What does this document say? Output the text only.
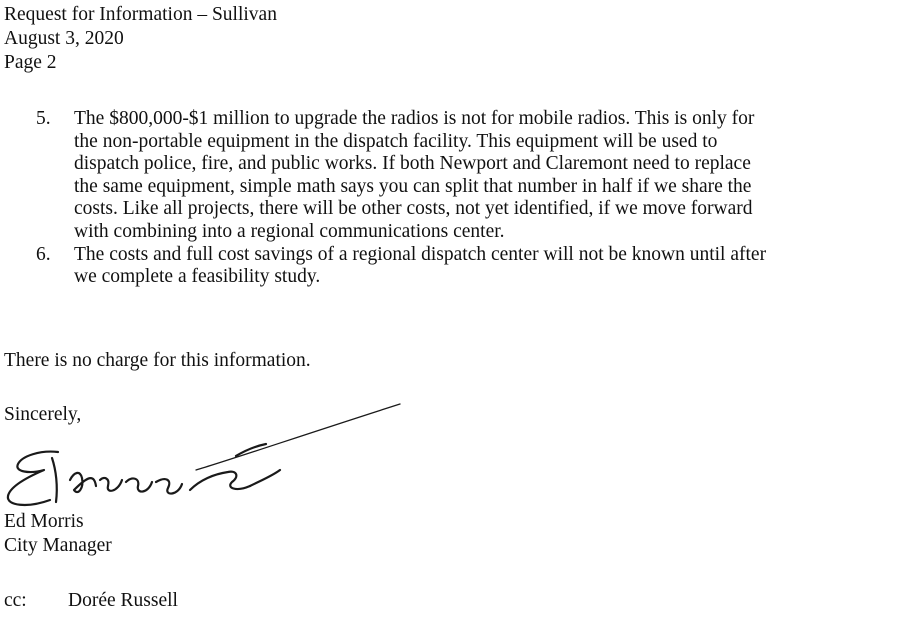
Request for Information – Sullivan
August 3, 2020
Page 2
5.	The $800,000-$1 million to upgrade the radios is not for mobile radios. This is only for
the non-portable equipment in the dispatch facility. This equipment will be used to
dispatch police, fire, and public works. If both Newport and Claremont need to replace
the same equipment, simple math says you can split that number in half if we share the
costs. Like all projects, there will be other costs, not yet identified, if we move forward
with combining into a regional communications center.
6.	The costs and full cost savings of a regional dispatch center will not be known until after
we complete a feasibility study.
There is no charge for this information.
Sincerely,
Ed Morris
City Manager
cc: Dorée Russell
